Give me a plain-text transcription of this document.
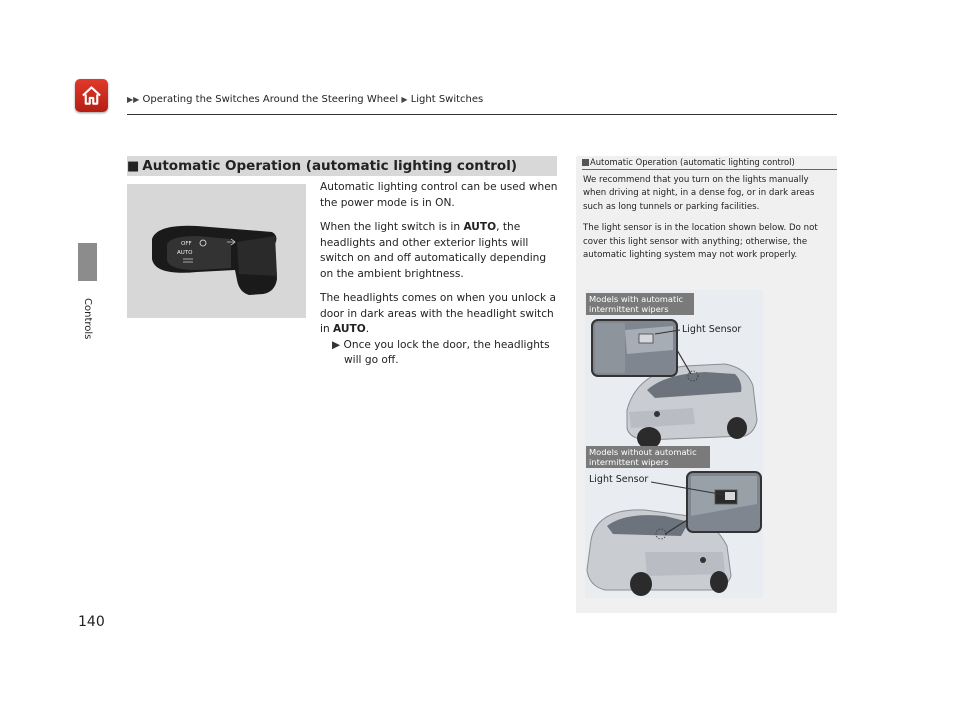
▶▶ Operating the Switches Around the Steering Wheel ▶ Light Switches
Controls
140
■ Automatic Operation (automatic lighting control)
OFF
AUTO

Automatic lighting control can be used when the power mode is in ON.

When the light switch is in AUTO, the headlights and other exterior lights will switch on and off automatically depending on the ambient brightness.

The headlights comes on when you unlock a door in dark areas with the headlight switch in AUTO.

▶ Once you lock the door, the headlights will go off.

Automatic Operation (automatic lighting control)

We recommend that you turn on the lights manually when driving at night, in a dense fog, or in dark areas such as long tunnels or parking facilities.

The light sensor is in the location shown below. Do not cover this light sensor with anything; otherwise, the automatic lighting system may not work properly.

Models with automatic intermittent wipers
Models without automatic intermittent wipers
Light Sensor
Light Sensor
